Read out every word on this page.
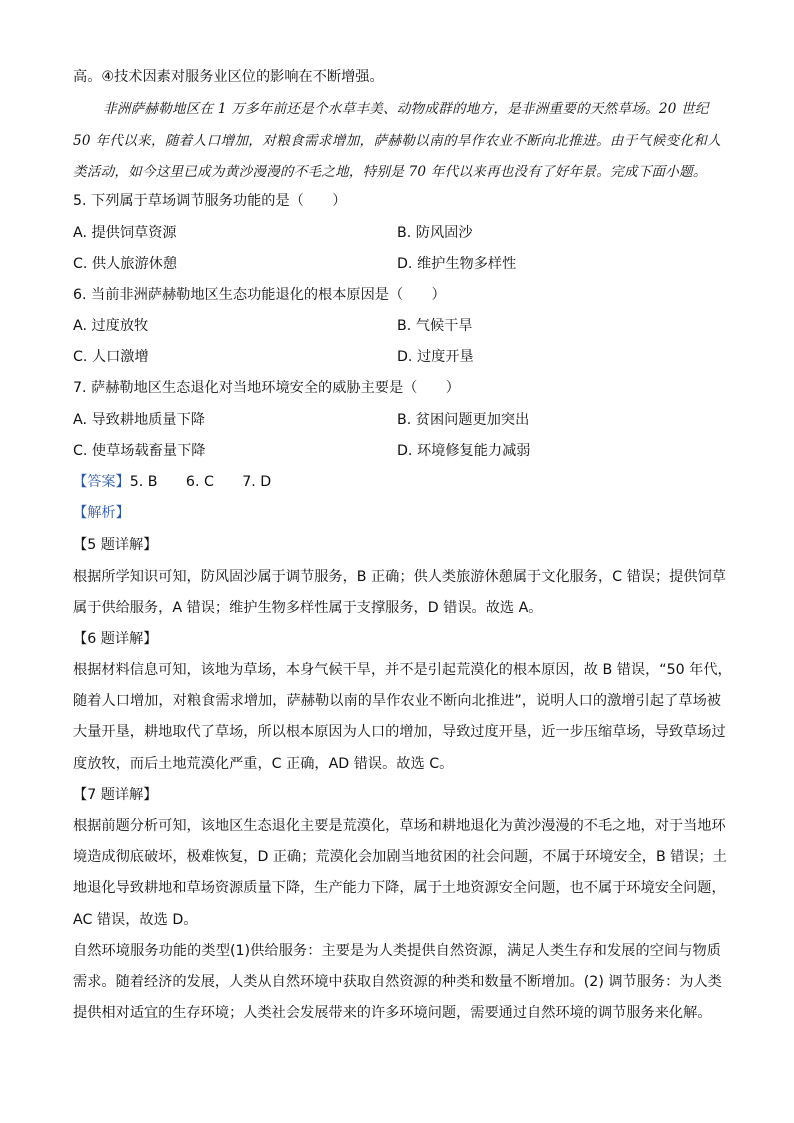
高。④技术因素对服务业区位的影响在不断增强。
非洲萨赫勒地区在 1 万多年前还是个水草丰美、动物成群的地方，是非洲重要的天然草场。20 世纪
50 年代以来，随着人口增加，对粮食需求增加，萨赫勒以南的旱作农业不断向北推进。由于气候变化和人
类活动，如今这里已成为黄沙漫漫的不毛之地，特别是 70 年代以来再也没有了好年景。完成下面小题。
5. 下列属于草场调节服务功能的是（　　）
A. 提供饲草资源	B. 防风固沙
C. 供人旅游休憩	D. 维护生物多样性
6. 当前非洲萨赫勒地区生态功能退化的根本原因是（　　）
A. 过度放牧	B. 气候干旱
C. 人口激增	D. 过度开垦
7. 萨赫勒地区生态退化对当地环境安全的威胁主要是（　　）
A. 导致耕地质量下降	B. 贫困问题更加突出
C. 使草场载畜量下降	D. 环境修复能力减弱
【答案】5. B　　6. C　　7. D
【解析】
【5 题详解】
根据所学知识可知，防风固沙属于调节服务，B 正确；供人类旅游休憩属于文化服务，C 错误；提供饲草
属于供给服务，A 错误；维护生物多样性属于支撑服务，D 错误。故选 A。
【6 题详解】
根据材料信息可知，该地为草场，本身气候干旱，并不是引起荒漠化的根本原因，故 B 错误，“50 年代，
随着人口增加，对粮食需求增加，萨赫勒以南的旱作农业不断向北推进”，说明人口的激增引起了草场被
大量开垦，耕地取代了草场，所以根本原因为人口的增加，导致过度开垦，近一步压缩草场，导致草场过
度放牧，而后土地荒漠化严重，C 正确，AD 错误。故选 C。
【7 题详解】
根据前题分析可知，该地区生态退化主要是荒漠化，草场和耕地退化为黄沙漫漫的不毛之地，对于当地环
境造成彻底破坏，极难恢复，D 正确；荒漠化会加剧当地贫困的社会问题，不属于环境安全，B 错误；土
地退化导致耕地和草场资源质量下降，生产能力下降，属于土地资源安全问题，也不属于环境安全问题，
AC 错误，故选 D。
自然环境服务功能的类型(1)供给服务：主要是为人类提供自然资源，满足人类生存和发展的空间与物质
需求。随着经济的发展，人类从自然环境中获取自然资源的种类和数量不断增加。(2) 调节服务：为人类
提供相对适宜的生存环境；人类社会发展带来的许多环境问题，需要通过自然环境的调节服务来化解。
